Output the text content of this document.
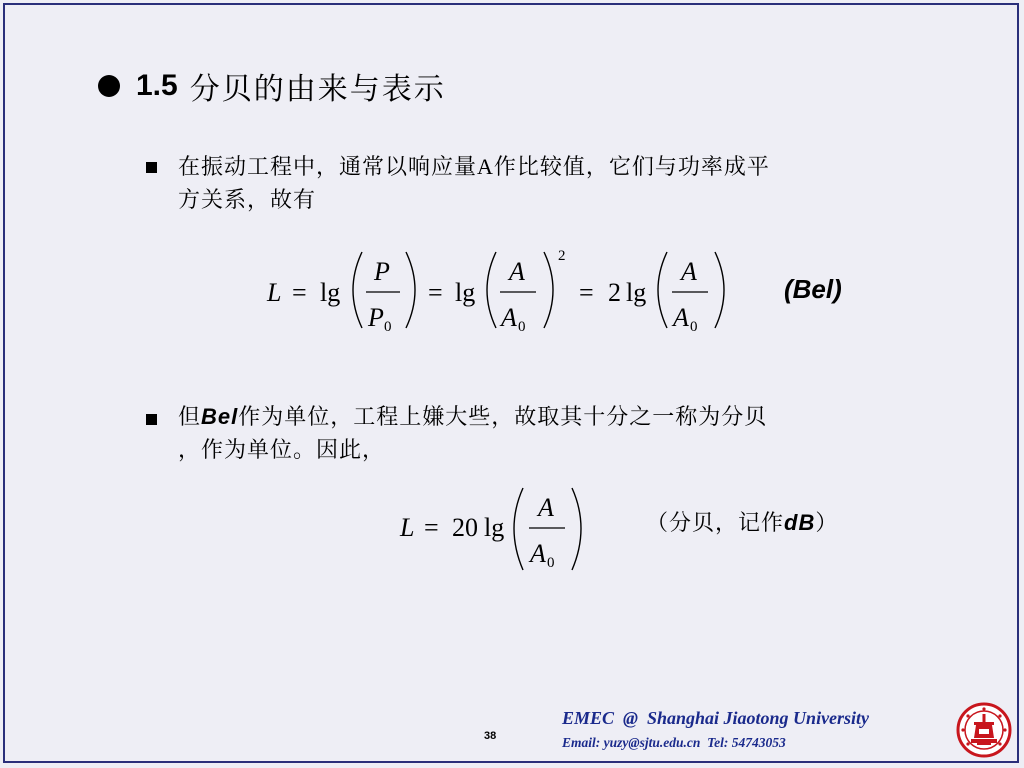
1.5 分贝的由来与表示
在振动工程中，通常以响应量A作比较值，它们与功率成平
方关系，故有
L = lg
P
P 0
= lg
A
A 0
2
= 2 lg
A
A 0
(Bel)
但Bel作为单位，工程上嫌大些，故取其十分之一称为分贝
，作为单位。因此，
L = 20 lg
A
A 0
（分贝，记作dB）
38
EMEC  @  Shanghai Jiaotong University
Email: yuzy@sjtu.edu.cn  Tel: 54743053
